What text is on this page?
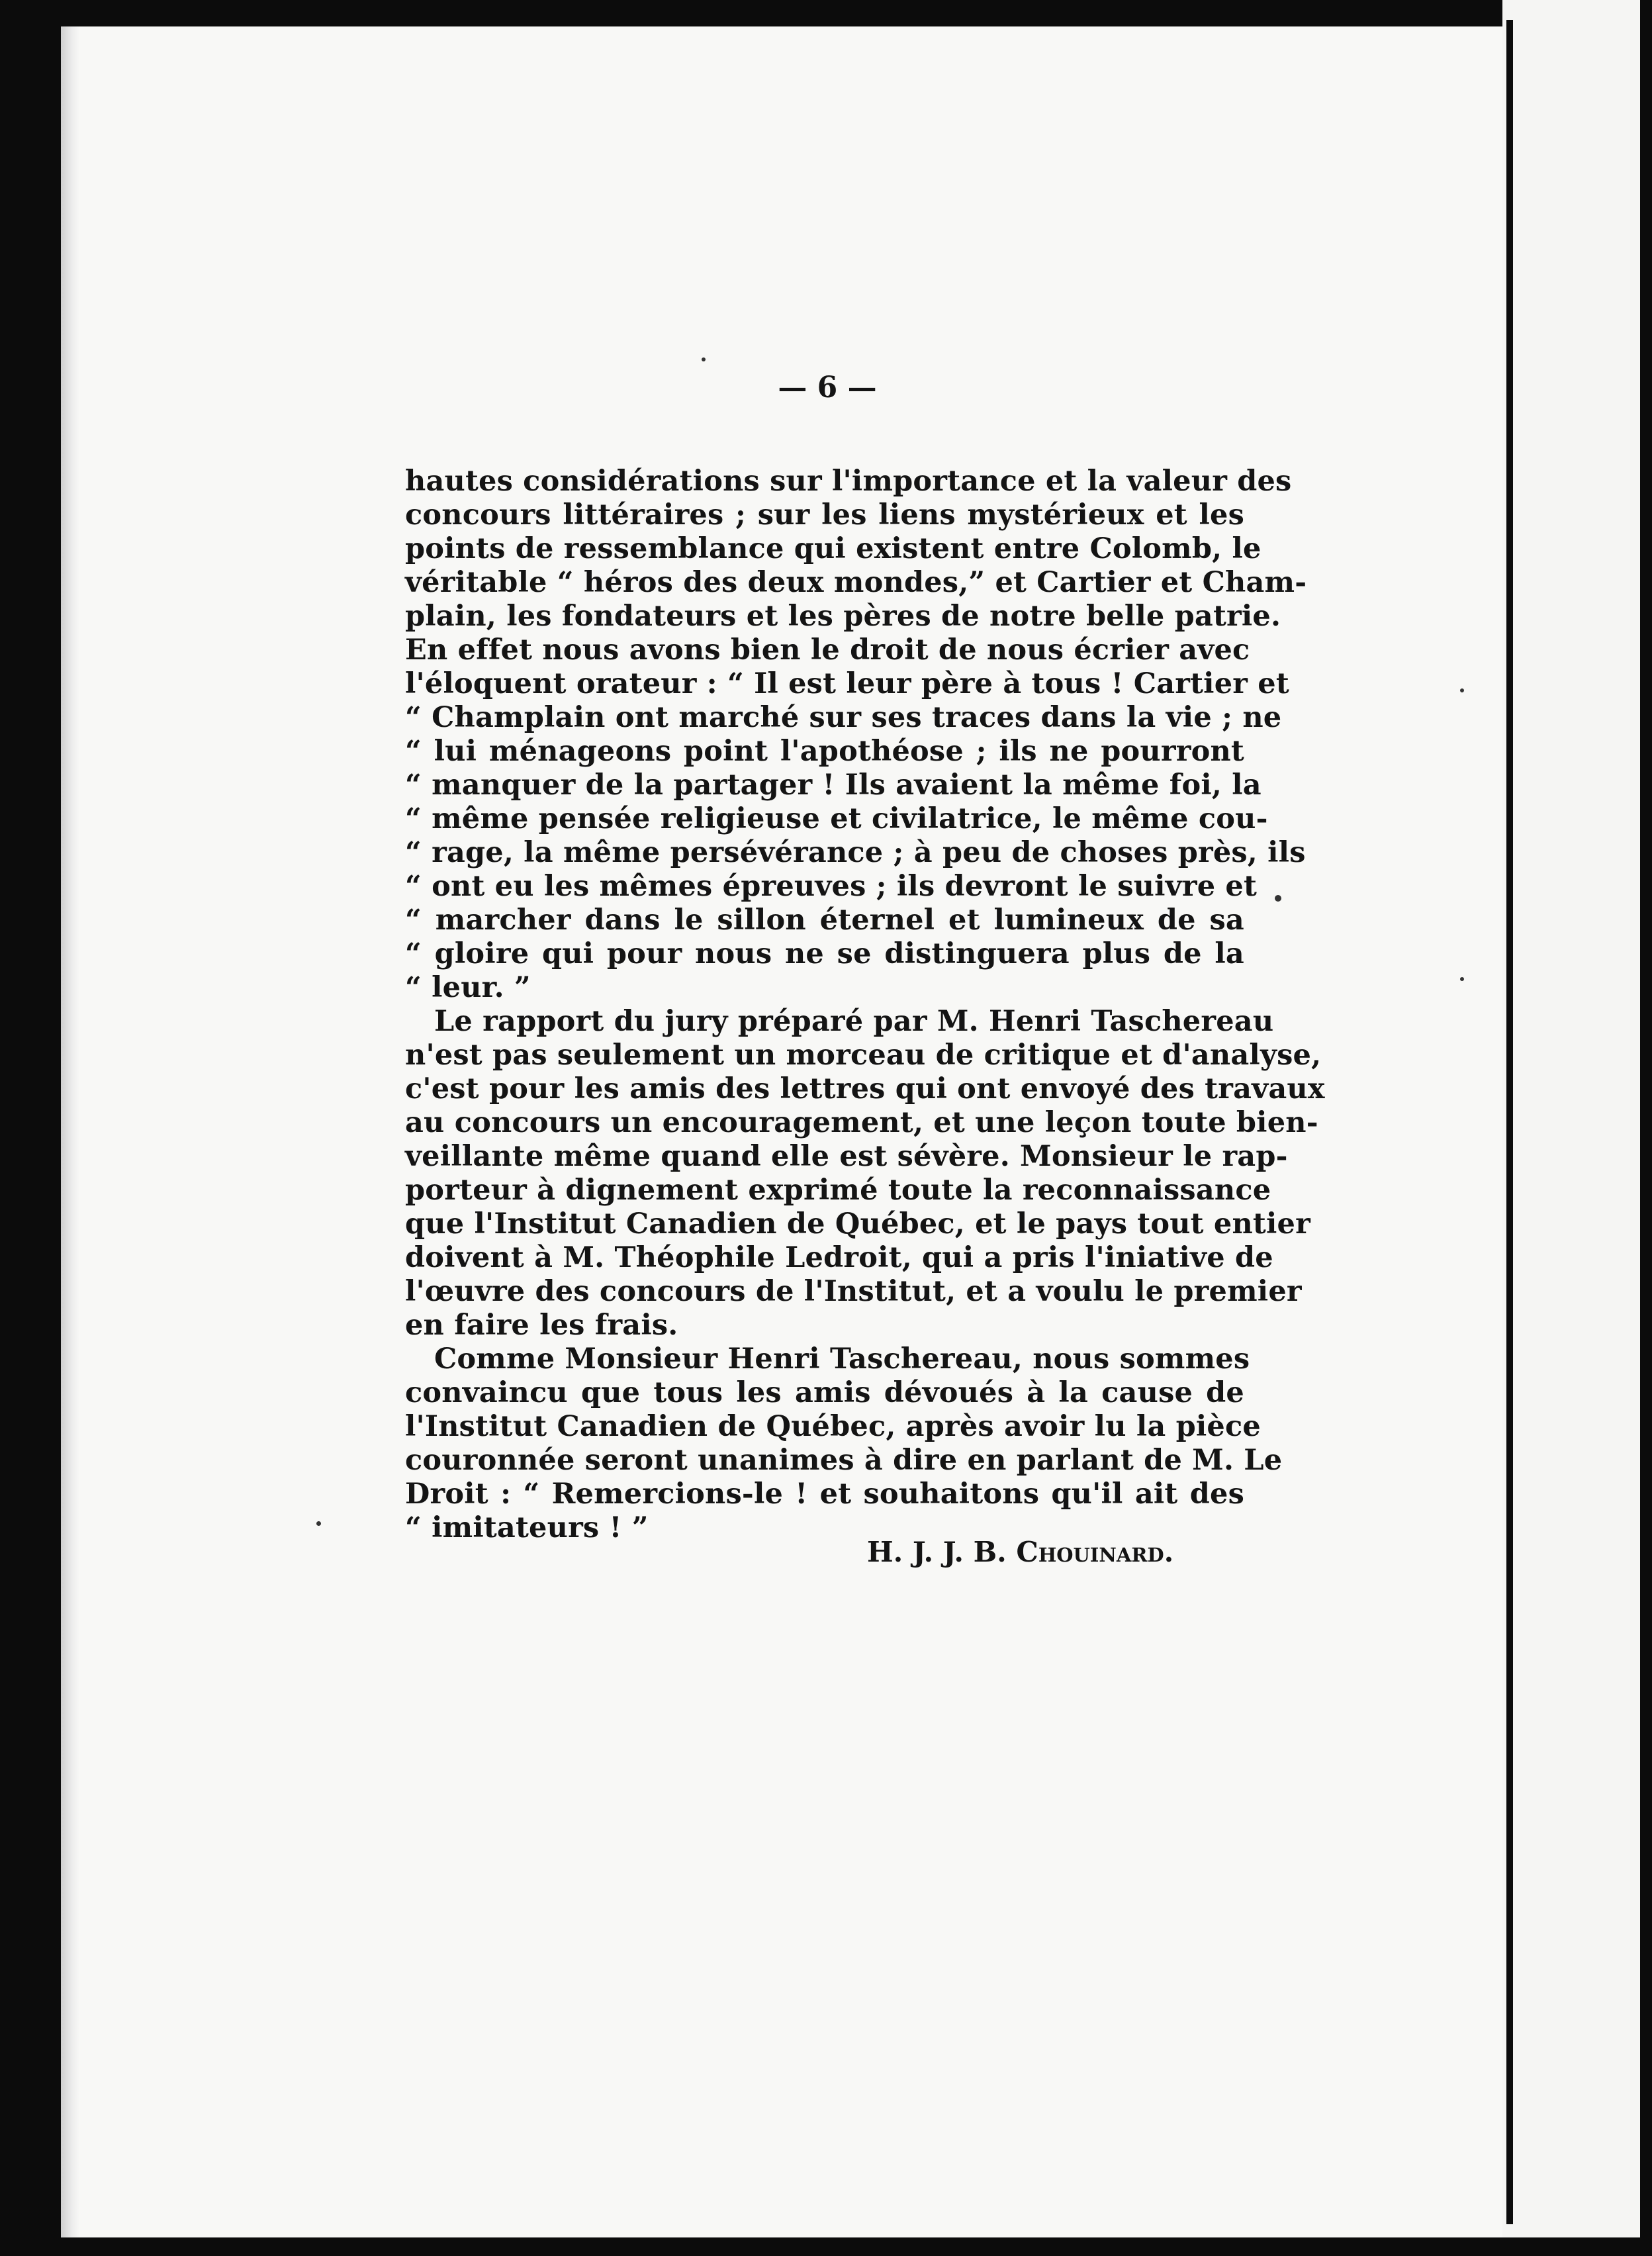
— 6 —
hautes considérations sur l'importance et la valeur des
concours littéraires ; sur les liens mystérieux et les
points de ressemblance qui existent entre Colomb, le
véritable “ héros des deux mondes,” et Cartier et Cham-
plain, les fondateurs et les pères de notre belle patrie.
En effet nous avons bien le droit de nous écrier avec
l'éloquent orateur : “ Il est leur père à tous ! Cartier et
“ Champlain ont marché sur ses traces dans la vie ; ne
“ lui ménageons point l'apothéose ; ils ne pourront
“ manquer de la partager ! Ils avaient la même foi, la
“ même pensée religieuse et civilatrice, le même cou-
“ rage, la même persévérance ; à peu de choses près, ils
“ ont eu les mêmes épreuves ; ils devront le suivre et
“ marcher dans le sillon éternel et lumineux de sa
“ gloire qui pour nous ne se distinguera plus de la
“ leur. ”
Le rapport du jury préparé par M. Henri Taschereau
n'est pas seulement un morceau de critique et d'analyse,
c'est pour les amis des lettres qui ont envoyé des travaux
au concours un encouragement, et une leçon toute bien-
veillante même quand elle est sévère. Monsieur le rap-
porteur à dignement exprimé toute la reconnaissance
que l'Institut Canadien de Québec, et le pays tout entier
doivent à M. Théophile Ledroit, qui a pris l'iniative de
l'œuvre des concours de l'Institut, et a voulu le premier
en faire les frais.
Comme Monsieur Henri Taschereau, nous sommes
convaincu que tous les amis dévoués à la cause de
l'Institut Canadien de Québec, après avoir lu la pièce
couronnée seront unanimes à dire en parlant de M. Le
Droit : “ Remercions-le ! et souhaitons qu'il ait des
“ imitateurs ! ”
H. J. J. B. Chouinard.
